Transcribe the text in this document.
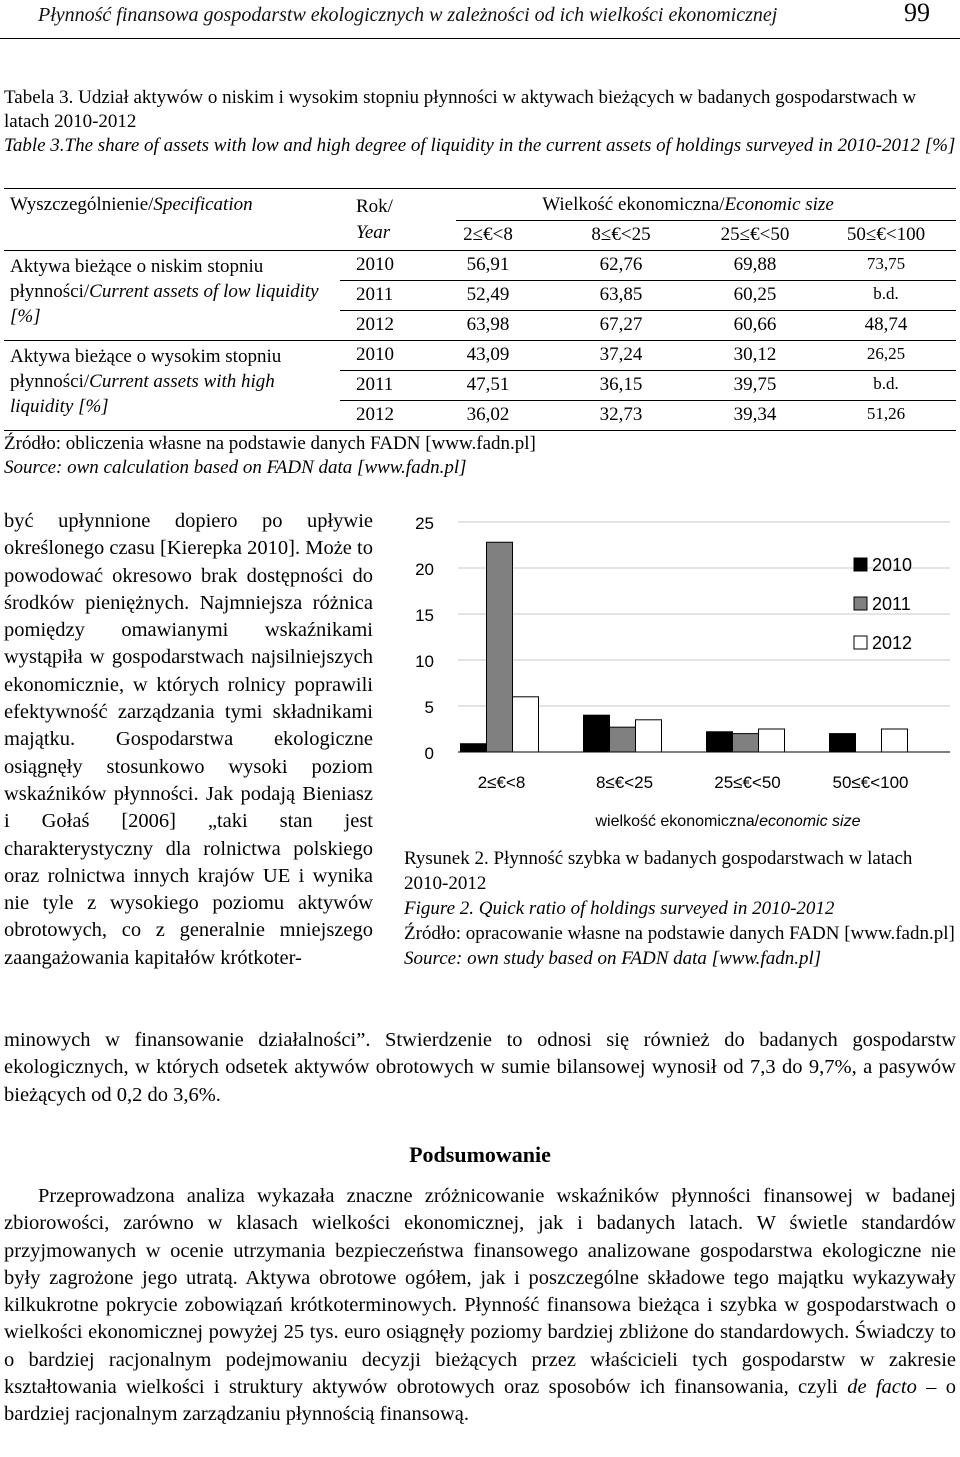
Płynność finansowa gospodarstw ekologicznych w zależności od ich wielkości ekonomicznej	99
Tabela 3. Udział aktywów o niskim i wysokim stopniu płynności w aktywach bieżących w badanych gospodarstwach w latach 2010-2012
Table 3.The share of assets with low and high degree of liquidity in the current assets of holdings surveyed in 2010-2012 [%]
Wyszczególnienie/Specification	Rok/
Year
Wielkość ekonomiczna/Economic size
2≤€<8	8≤€<25	25≤€<50	50≤€<100
Aktywa bieżące o niskim stopniu płynności/Current assets of low liquidity [%]
2010	56,91	62,76	69,88	73,75
2011	52,49	63,85	60,25	b.d.
2012	63,98	67,27	60,66	48,74
Aktywa bieżące o wysokim stopniu płynności/Current assets with high liquidity [%]
2010	43,09	37,24	30,12	26,25
2011	47,51	36,15	39,75	b.d.
2012	36,02	32,73	39,34	51,26
Źródło: obliczenia własne na podstawie danych FADN [www.fadn.pl]
Source: own calculation based on FADN data [www.fadn.pl]
być upłynnione dopiero po upływie określonego czasu [Kierepka 2010]. Może to powodować okresowo brak dostępności do środków pieniężnych. Najmniejsza różnica pomiędzy omawianymi wskaźnikami wystąpiła w gospodarstwach najsilniejszych ekonomicznie, w których rolnicy poprawili efektywność zarządzania tymi składnikami majątku. Gospodarstwa ekologiczne osiągnęły stosunkowo wysoki poziom wskaźników płynności. Jak podają Bieniasz i Gołaś [2006] „taki stan jest charakterystyczny dla rolnictwa polskiego oraz rolnictwa innych krajów UE i wynika nie tyle z wysokiego poziomu aktywów obrotowych, co z generalnie mniejszego zaangażowania kapitałów krótkoter-
0
5
10
15
20
25
2≤€<8	8≤€<25	25≤€<50	50≤€<100
wielkość ekonomiczna/economic size
2010
2011
2012
Rysunek 2. Płynność szybka w badanych gospodarstwach w latach 2010-2012
Figure 2. Quick ratio of holdings surveyed in 2010-2012
Źródło: opracowanie własne na podstawie danych FADN [www.fadn.pl]
Source: own study based on FADN data [www.fadn.pl]
minowych w finansowanie działalności”. Stwierdzenie to odnosi się również do badanych gospodarstw ekologicznych, w których odsetek aktywów obrotowych w sumie bilansowej wynosił od 7,3 do 9,7%, a pasywów bieżących od 0,2 do 3,6%.
Podsumowanie
Przeprowadzona analiza wykazała znaczne zróżnicowanie wskaźników płynności finansowej w badanej zbiorowości, zarówno w klasach wielkości ekonomicznej, jak i badanych latach. W świetle standardów przyjmowanych w ocenie utrzymania bezpieczeństwa finansowego analizowane gospodarstwa ekologiczne nie były zagrożone jego utratą. Aktywa obrotowe ogółem, jak i poszczególne składowe tego majątku wykazywały kilkukrotne pokrycie zobowiązań krótkoterminowych. Płynność finansowa bieżąca i szybka w gospodarstwach o wielkości ekonomicznej powyżej 25 tys. euro osiągnęły poziomy bardziej zbliżone do standardowych. Świadczy to o bardziej racjonalnym podejmowaniu decyzji bieżących przez właścicieli tych gospodarstw w zakresie kształtowania wielkości i struktury aktywów obrotowych oraz sposobów ich finansowania, czyli de facto – o bardziej racjonalnym zarządzaniu płynnością finansową.
